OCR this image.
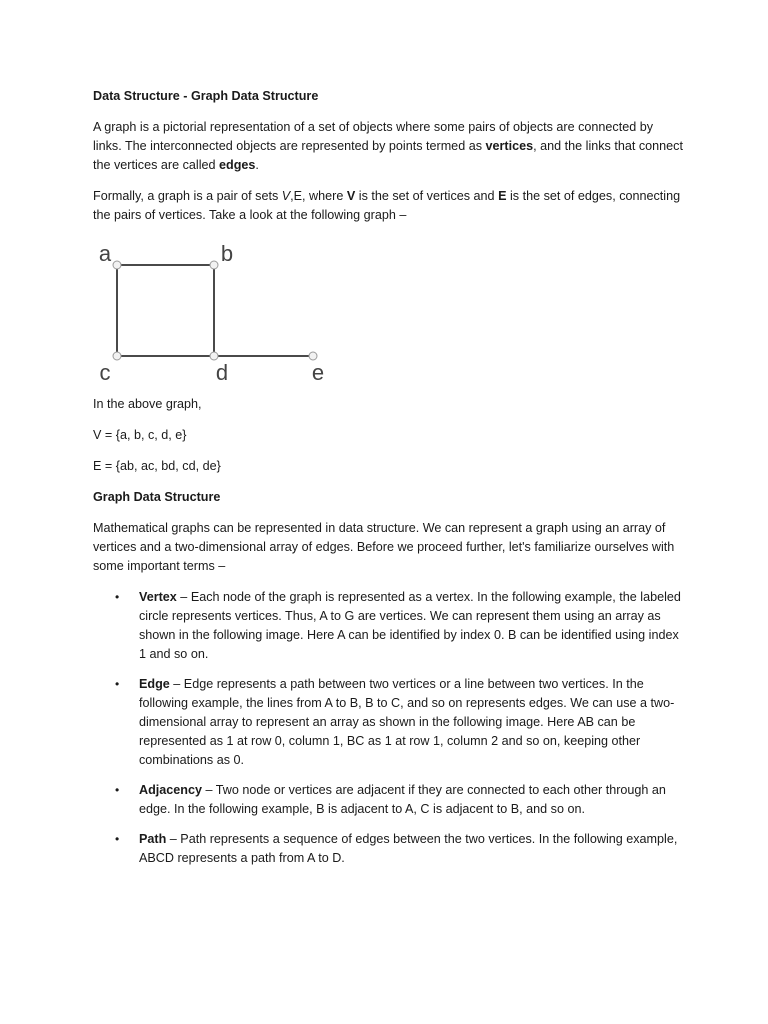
Data Structure - Graph Data Structure

A graph is a pictorial representation of a set of objects where some pairs of objects are connected by links. The interconnected objects are represented by points termed as vertices, and the links that connect the vertices are called edges.

Formally, a graph is a pair of sets V,E, where V is the set of vertices and E is the set of edges, connecting the pairs of vertices. Take a look at the following graph –

a	b
c	d	e

In the above graph,

V = {a, b, c, d, e}

E = {ab, ac, bd, cd, de}

Graph Data Structure

Mathematical graphs can be represented in data structure. We can represent a graph using an array of vertices and a two-dimensional array of edges. Before we proceed further, let's familiarize ourselves with some important terms –

• Vertex – Each node of the graph is represented as a vertex. In the following example, the labeled circle represents vertices. Thus, A to G are vertices. We can represent them using an array as shown in the following image. Here A can be identified by index 0. B can be identified using index 1 and so on.
• Edge – Edge represents a path between two vertices or a line between two vertices. In the following example, the lines from A to B, B to C, and so on represents edges. We can use a two-dimensional array to represent an array as shown in the following image. Here AB can be represented as 1 at row 0, column 1, BC as 1 at row 1, column 2 and so on, keeping other combinations as 0.
• Adjacency – Two node or vertices are adjacent if they are connected to each other through an edge. In the following example, B is adjacent to A, C is adjacent to B, and so on.
• Path – Path represents a sequence of edges between the two vertices. In the following example, ABCD represents a path from A to D.
